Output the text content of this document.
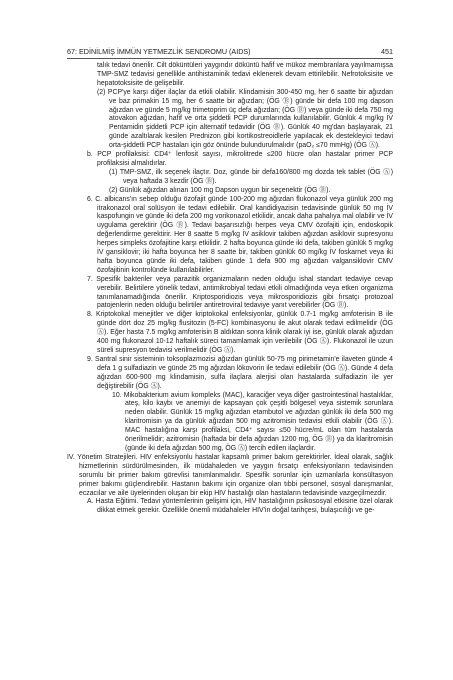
67: EDİNİLMİŞ İMMÜN YETMEZLİK SENDROMU (AIDS)	451

talık tedavi önerilir. Cilt döküntüleri yaygındır döküntü hafif ve mükoz membranlara yayılmamışsa TMP-SMZ tedavisi genellikle antihistaminik tedavi eklenerek devam ettirilebilir. Nefrotoksisite ve hepatotoksisite de gelişebilir.

(2) PCP'ye karşı diğer ilaçlar da etkili olabilir. Klindamisin 300-450 mg, her 6 saatte bir ağızdan ve baz primakin 15 mg, her 6 saatte bir ağızdan; (ÖG Ⓑ) günde bir defa 100 mg dapson ağızdan ve günde 5 mg/kg trimetoprim üç defa ağızdan; (ÖG Ⓑ) veya günde iki defa 750 mg atovakon ağızdan, hafif ve orta şiddetli PCP durumlarında kullanılabilir. Günlük 4 mg/kg İV Pentamidin şiddetli PCP için alternatif tedavidir (ÖG Ⓑ). Günlük 40 mg'dan başlayarak, 21 günde azaltılarak kesilen Prednizon gibi kortikostreoidlerle yapılacak ek destekleyici tedavi orta-şiddetli PCP hastaları için göz önünde bulundurulmalıdır (paO₂ ≤70 mmHg) (ÖG Ⓐ).

b. PCP profilaksisi: CD4⁺ lenfosit sayısı, mikrolitrede ≤200 hücre olan hastalar primer PCP profilaksisi almalıdırlar.

(1) TMP-SMZ, ilk seçenek ilaçtır. Doz, günde bir defa160/800 mg dozda tek tablet (ÖG Ⓐ) veya haftada 3 kezdir (ÖG Ⓑ).

(2) Günlük ağızdan alınan 100 mg Dapson uygun bir seçenektir (ÖG Ⓑ).

6. C. albicans'ın sebep olduğu özofajit günde 100-200 mg ağızdan flukonazol veya günlük 200 mg itrakonazol oral solüsyon ile tedavi edilebilir. Oral kandidiyazisin tedavisinde günlük 50 mg İV kaspofungin ve günde iki defa 200 mg vorikonazol etkilidir, ancak daha pahalıya mal olabilir ve İV uygulama gerektirir (ÖG Ⓑ). Tedavi başarısızlığı herpes veya CMV özofajiti için, endoskopik değerlendirme gerektirir. Her 8 saatte 5 mg/kg İV asiklovir takiben ağızdan asiklovir supresyonu herpes simpleks özofajitine karşı etkilidir. 2 hafta boyunca günde iki defa, takiben günlük 5 mg/kg İV gansiklovir; iki hafta boyunca her 8 saatte bir, takiben günlük 60 mg/kg İV foskarnet veya iki hafta boyunca günde iki defa, takiben günde 1 defa 900 mg ağızdan valgansiklovir CMV özofajitinin kontrolünde kullanılabilirler.

7. Spesifik bakteriler veya parazitik organizmaların neden olduğu ishal standart tedaviye cevap verebilir. Belirtilere yönelik tedavi, antimikrobiyal tedavi etkili olmadığında veya etken organizma tanımlanamadığında önerilir. Kriptosporidiozis veya mikrosporidiozis gibi fırsatçı protozoal patojenlerin neden olduğu belirtiler antiretroviral tedaviye yanıt verebilirler (ÖG Ⓑ).

8. Kriptokokal menejitler ve diğer kriptokokal enfeksiyonlar, günlük 0.7-1 mg/kg amfoterisin B ile günde dört doz 25 mg/kg flusitozin (5-FC) kombinasyonu ile akut olarak tedavi edilmelidir (ÖG Ⓐ). Eğer hasta 7.5 mg/kg amfoterisin B aldıktan sonra klinik olarak iyi ise, günlük olarak ağızdan 400 mg flukonazol 10-12 haftalık süreci tamamlamak için verilebilir (ÖG Ⓐ). Flukonazol ile uzun süreli supresyon tedavisi verilmelidir (ÖG Ⓐ).

9. Santral sinir sisteminin toksoplazmozisi ağızdan günlük 50-75 mg pirimetamin'e ilaveten günde 4 defa 1 g sulfadiazin ve günde 25 mg ağızdan lökovorin ile tedavi edilebilir (ÖG Ⓐ). Günde 4 defa ağızdan 600-900 mg klindamisin, sulfa ilaçlara alerjisi olan hastalarda sulfadiazin ile yer değiştirebilir (ÖG Ⓐ).

10. Mikobakterium avium kompleks (MAC), karaciğer veya diğer gastrointestinal hastalıklar, ateş, kilo kaybı ve anemiyi de kapsayan çok çeşitli bölgesel veya sistemik sorunlara neden olabilir. Günlük 15 mg/kg ağızdan etambutol ve ağızdan günlük iki defa 500 mg klaritromisin ya da günlük ağızdan 500 mg azitromisin tedavisi etkili olabilir (ÖG Ⓐ). MAC hastalığına karşı profilaksi, CD4⁺ sayısı ≤50 hücre/mL olan tüm hastalarda önerilmelidir; azitromisin (haftada bir defa ağızdan 1200 mg, ÖG Ⓑ) ya da klaritromisin (günde iki defa ağızdan 500 mg, ÖG Ⓐ) tercih edilen ilaçlardır.

IV. Yönetim Stratejileri. HIV enfeksiyonlu hastalar kapsamlı primer bakım gerektirirler. İdeal olarak, sağlık hizmetlerinin sürdürülmesinden, ilk müdahaleden ve yaygın fırsatçı enfeksiyonların tedavisinden sorumlu bir primer bakım görevlisi tanımlanmalıdır. Spesifik sorunlar için uzmanlarla konsültasyon primer bakımı güçlendirebilir. Hastanın bakımı için organize olan tıbbi personel, sosyal danışmanlar, eczacılar ve aile üyelerinden oluşan bir ekip HIV hastalığı olan hastaların tedavisinde vazgeçilmezdir.

A. Hasta Eğitimi. Tedavi yöntemlerinin gelişimi için, HIV hastalığının psikososyal etkisine özel olarak dikkat etmek gerekir. Özellikle önemli müdahaleler HIV'in doğal tarihçesi, bulaşıcılığı ve ge-
